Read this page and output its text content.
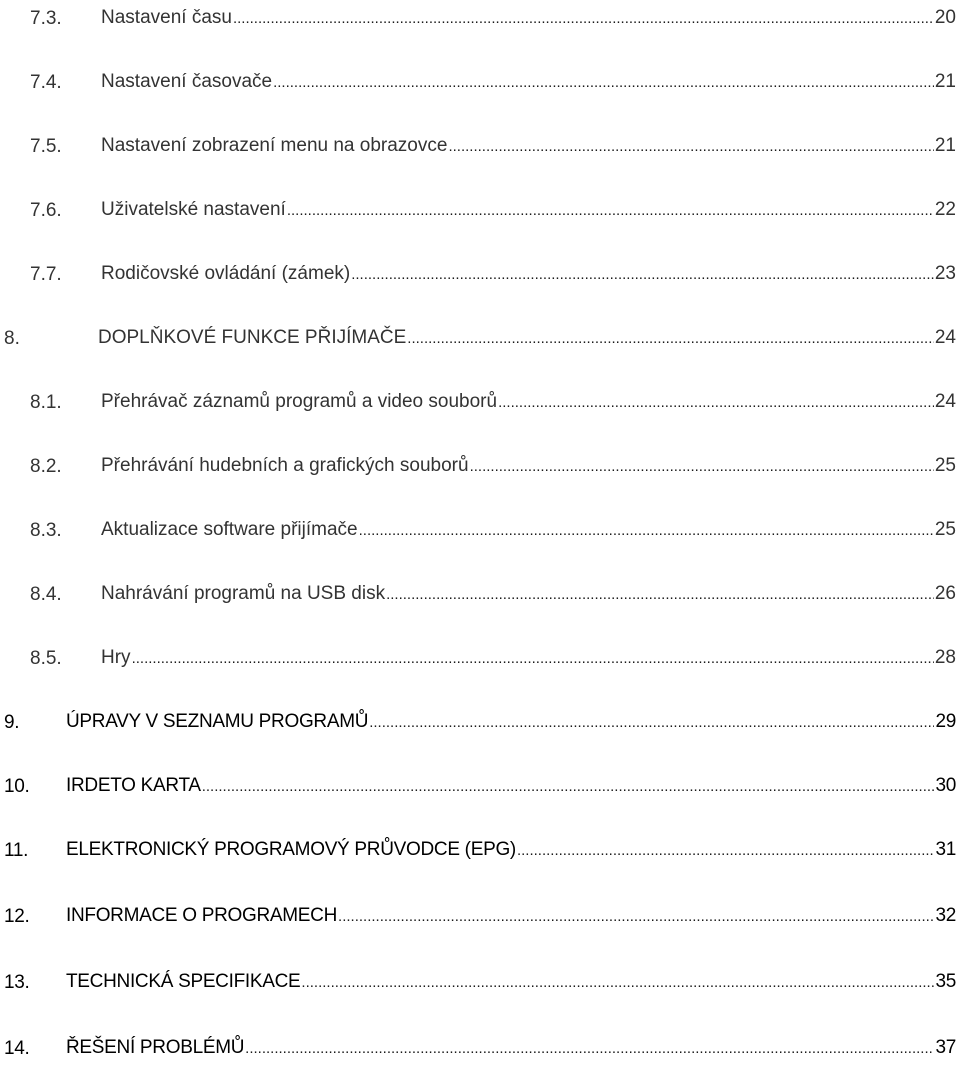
7.3. Nastavení času .....	20
7.4. Nastavení časovače .....	21
7.5. Nastavení zobrazení menu na obrazovce .....	21
7.6. Uživatelské nastavení .....	22
7.7. Rodičovské ovládání (zámek) .....	23
8.	DOPLŇKOVÉ FUNKCE PŘIJÍMAČE .....	24
8.1. Přehrávač záznamů programů a video souborů .....	24
8.2. Přehrávání hudebních a grafických souborů .....	25
8.3. Aktualizace software přijímače .....	25
8.4. Nahrávání programů na USB disk .....	26
8.5. Hry .....	28
9. ÚPRAVY V SEZNAMU PROGRAMŮ .....	29
10. IRDETO KARTA .....	30
11. ELEKTRONICKÝ PROGRAMOVÝ PRŮVODCE (EPG) .....	31
12. INFORMACE O PROGRAMECH .....	32
13. TECHNICKÁ SPECIFIKACE .....	35
14. ŘEŠENÍ PROBLÉMŮ .....	37
